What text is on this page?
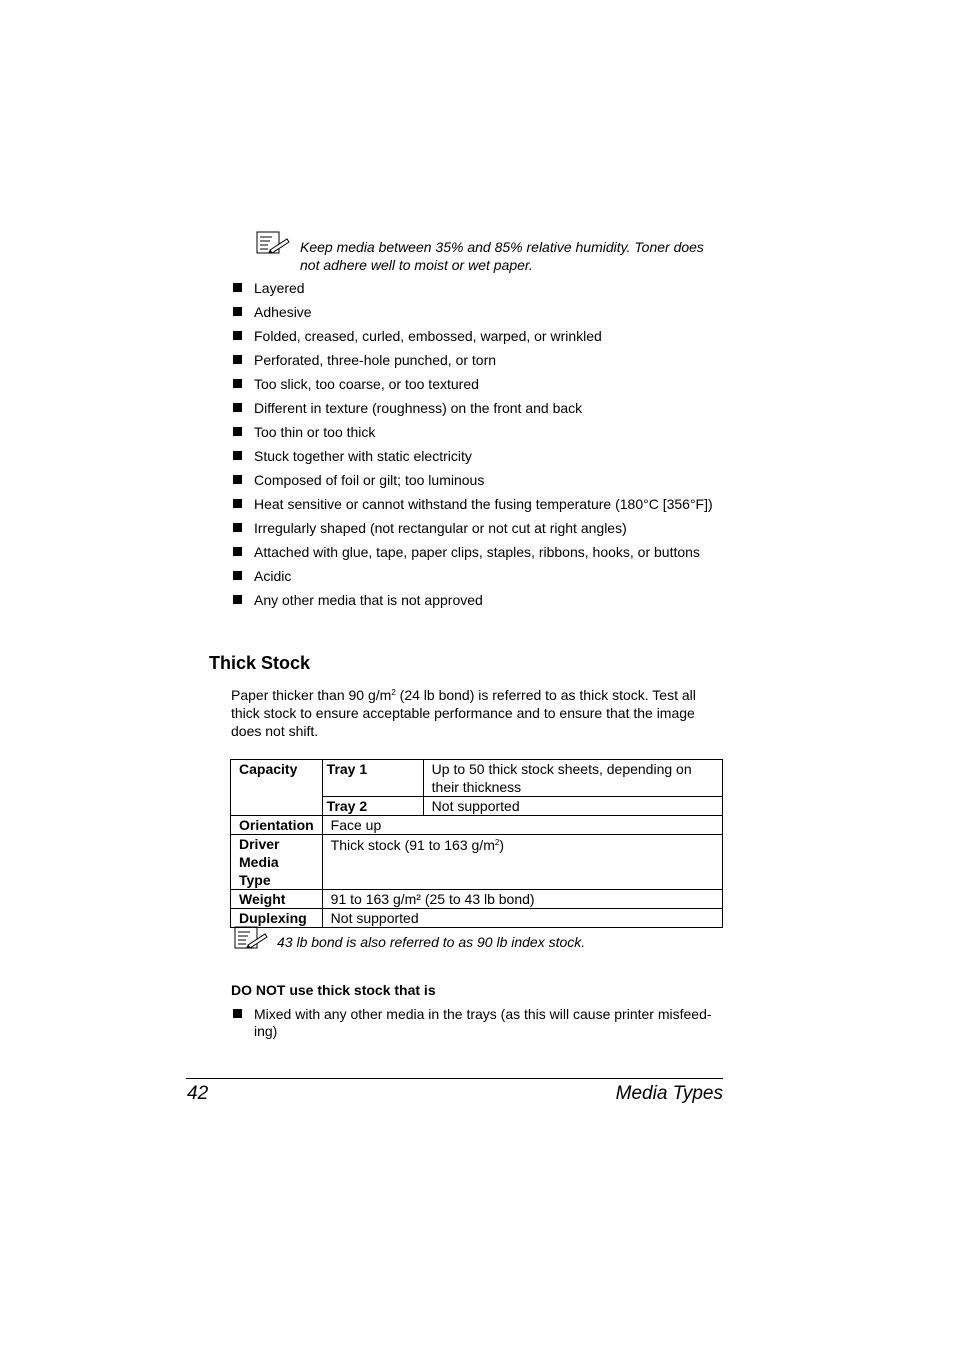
Keep media between 35% and 85% relative humidity. Toner does not adhere well to moist or wet paper.
Layered
Adhesive
Folded, creased, curled, embossed, warped, or wrinkled
Perforated, three-hole punched, or torn
Too slick, too coarse, or too textured
Different in texture (roughness) on the front and back
Too thin or too thick
Stuck together with static electricity
Composed of foil or gilt; too luminous
Heat sensitive or cannot withstand the fusing temperature (180°C [356°F])
Irregularly shaped (not rectangular or not cut at right angles)
Attached with glue, tape, paper clips, staples, ribbons, hooks, or buttons
Acidic
Any other media that is not approved
Thick Stock
Paper thicker than 90 $g/m^2$ (24 lb bond) is referred to as thick stock. Test all thick stock to ensure acceptable performance and to ensure that the image does not shift.
Capacity	Tray 1	Up to 50 thick stock sheets, depending on their thickness
	Tray 2	Not supported
Orientation	Face up	
Driver
Media Type	Thick stock (91 to 163 $g/m^2$)	
Weight	91 to 163 g/m² (25 to 43 lb bond)	
Duplexing	Not supported	
43 lb bond is also referred to as 90 lb index stock.
DO NOT use thick stock that is
Mixed with any other media in the trays (as this will cause printer misfeed-ing)
42	Media Types
